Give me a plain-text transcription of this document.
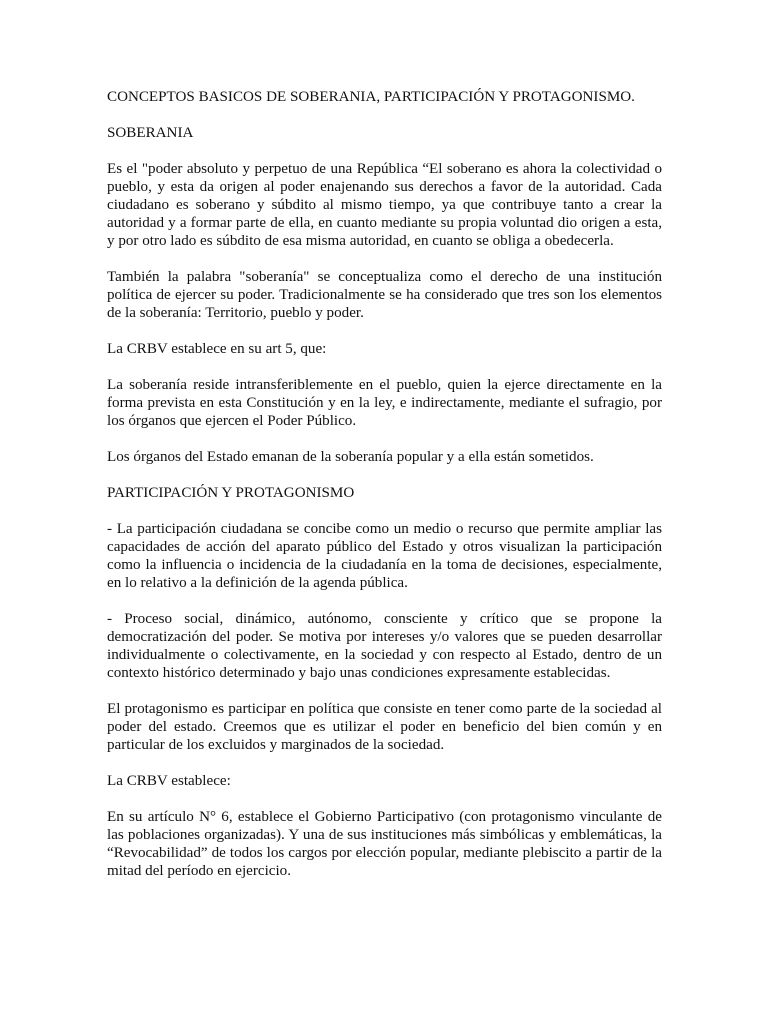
CONCEPTOS BASICOS DE SOBERANIA, PARTICIPACIÓN Y PROTAGONISMO.

SOBERANIA

Es el "poder absoluto y perpetuo de una República “El soberano es ahora la colectividad o pueblo, y esta da origen al poder enajenando sus derechos a favor de la autoridad. Cada ciudadano es soberano y súbdito al mismo tiempo, ya que contribuye tanto a crear la autoridad y a formar parte de ella, en cuanto mediante su propia voluntad dio origen a esta, y por otro lado es súbdito de esa misma autoridad, en cuanto se obliga a obedecerla.

También la palabra "soberanía" se conceptualiza como el derecho de una institución política de ejercer su poder. Tradicionalmente se ha considerado que tres son los elementos de la soberanía: Territorio, pueblo y poder.

La CRBV establece en su art 5, que:

La soberanía reside intransferiblemente en el pueblo, quien la ejerce directamente en la forma prevista en esta Constitución y en la ley, e indirectamente, mediante el sufragio, por los órganos que ejercen el Poder Público.

Los órganos del Estado emanan de la soberanía popular y a ella están sometidos.

PARTICIPACIÓN Y PROTAGONISMO

- La participación ciudadana se concibe como un medio o recurso que permite ampliar las capacidades de acción del aparato público del Estado y otros visualizan la participación como la influencia o incidencia de la ciudadanía en la toma de decisiones, especialmente, en lo relativo a la definición de la agenda pública.

- Proceso social, dinámico, autónomo, consciente y crítico que se propone la democratización del poder. Se motiva por intereses y/o valores que se pueden desarrollar individualmente o colectivamente, en la sociedad y con respecto al Estado, dentro de un contexto histórico determinado y bajo unas condiciones expresamente establecidas.

El protagonismo es participar en política que consiste en tener como parte de la sociedad al poder del estado. Creemos que es utilizar el poder en beneficio del bien común y en particular de los excluidos y marginados de la sociedad.

La CRBV establece:

En su artículo N° 6, establece el Gobierno Participativo (con protagonismo vinculante de las poblaciones organizadas). Y una de sus instituciones más simbólicas y emblemáticas, la “Revocabilidad” de todos los cargos por elección popular, mediante plebiscito a partir de la mitad del período en ejercicio.
